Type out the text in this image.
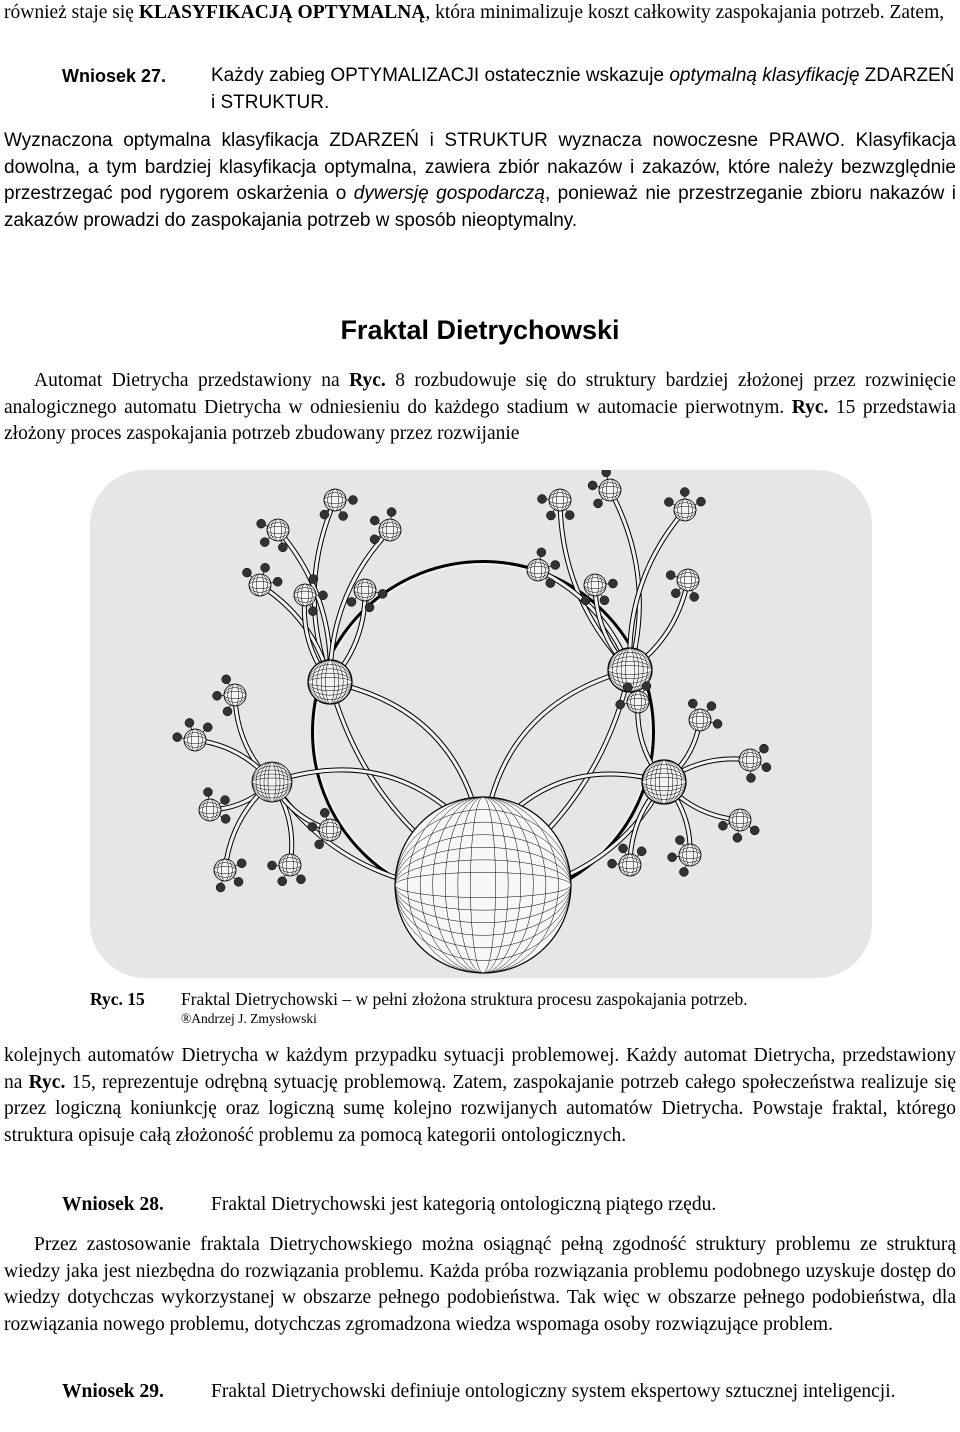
również staje się KLASYFIKACJĄ OPTYMALNĄ, która minimalizuje koszt całkowity zaspokajania potrzeb. Zatem,
Wniosek 27. Każdy zabieg OPTYMALIZACJI ostatecznie wskazuje optymalną klasyfikację ZDARZEŃ i STRUKTUR.
Wyznaczona optymalna klasyfikacja ZDARZEŃ i STRUKTUR wyznacza nowoczesne PRAWO. Klasyfikacja dowolna, a tym bardziej klasyfikacja optymalna, zawiera zbiór nakazów i zakazów, które należy bezwzględnie przestrzegać pod rygorem oskarżenia o dywersję gospodarczą, ponieważ nie przestrzeganie zbioru nakazów i zakazów prowadzi do zaspokajania potrzeb w sposób nieoptymalny.
Fraktal Dietrychowski
Automat Dietrycha przedstawiony na Ryc. 8 rozbudowuje się do struktury bardziej złożonej przez rozwinięcie analogicznego automatu Dietrycha w odniesieniu do każdego stadium w automacie pierwotnym. Ryc. 15 przedstawia złożony proces zaspokajania potrzeb zbudowany przez rozwijanie
Ryc. 15 Fraktal Dietrychowski – w pełni złożona struktura procesu zaspokajania potrzeb.
®Andrzej J. Zmysłowski
kolejnych automatów Dietrycha w każdym przypadku sytuacji problemowej. Każdy automat Dietrycha, przedstawiony na Ryc. 15, reprezentuje odrębną sytuację problemową. Zatem, zaspokajanie potrzeb całego społeczeństwa realizuje się przez logiczną koniunkcję oraz logiczną sumę kolejno rozwijanych automatów Dietrycha. Powstaje fraktal, którego struktura opisuje całą złożoność problemu za pomocą kategorii ontologicznych.
Wniosek 28. Fraktal Dietrychowski jest kategorią ontologiczną piątego rzędu.
Przez zastosowanie fraktala Dietrychowskiego można osiągnąć pełną zgodność struktury problemu ze strukturą wiedzy jaka jest niezbędna do rozwiązania problemu. Każda próba rozwiązania problemu podobnego uzyskuje dostęp do wiedzy dotychczas wykorzystanej w obszarze pełnego podobieństwa. Tak więc w obszarze pełnego podobieństwa, dla rozwiązania nowego problemu, dotychczas zgromadzona wiedza wspomaga osoby rozwiązujące problem.
Wniosek 29. Fraktal Dietrychowski definiuje ontologiczny system ekspertowy sztucznej inteligencji.
